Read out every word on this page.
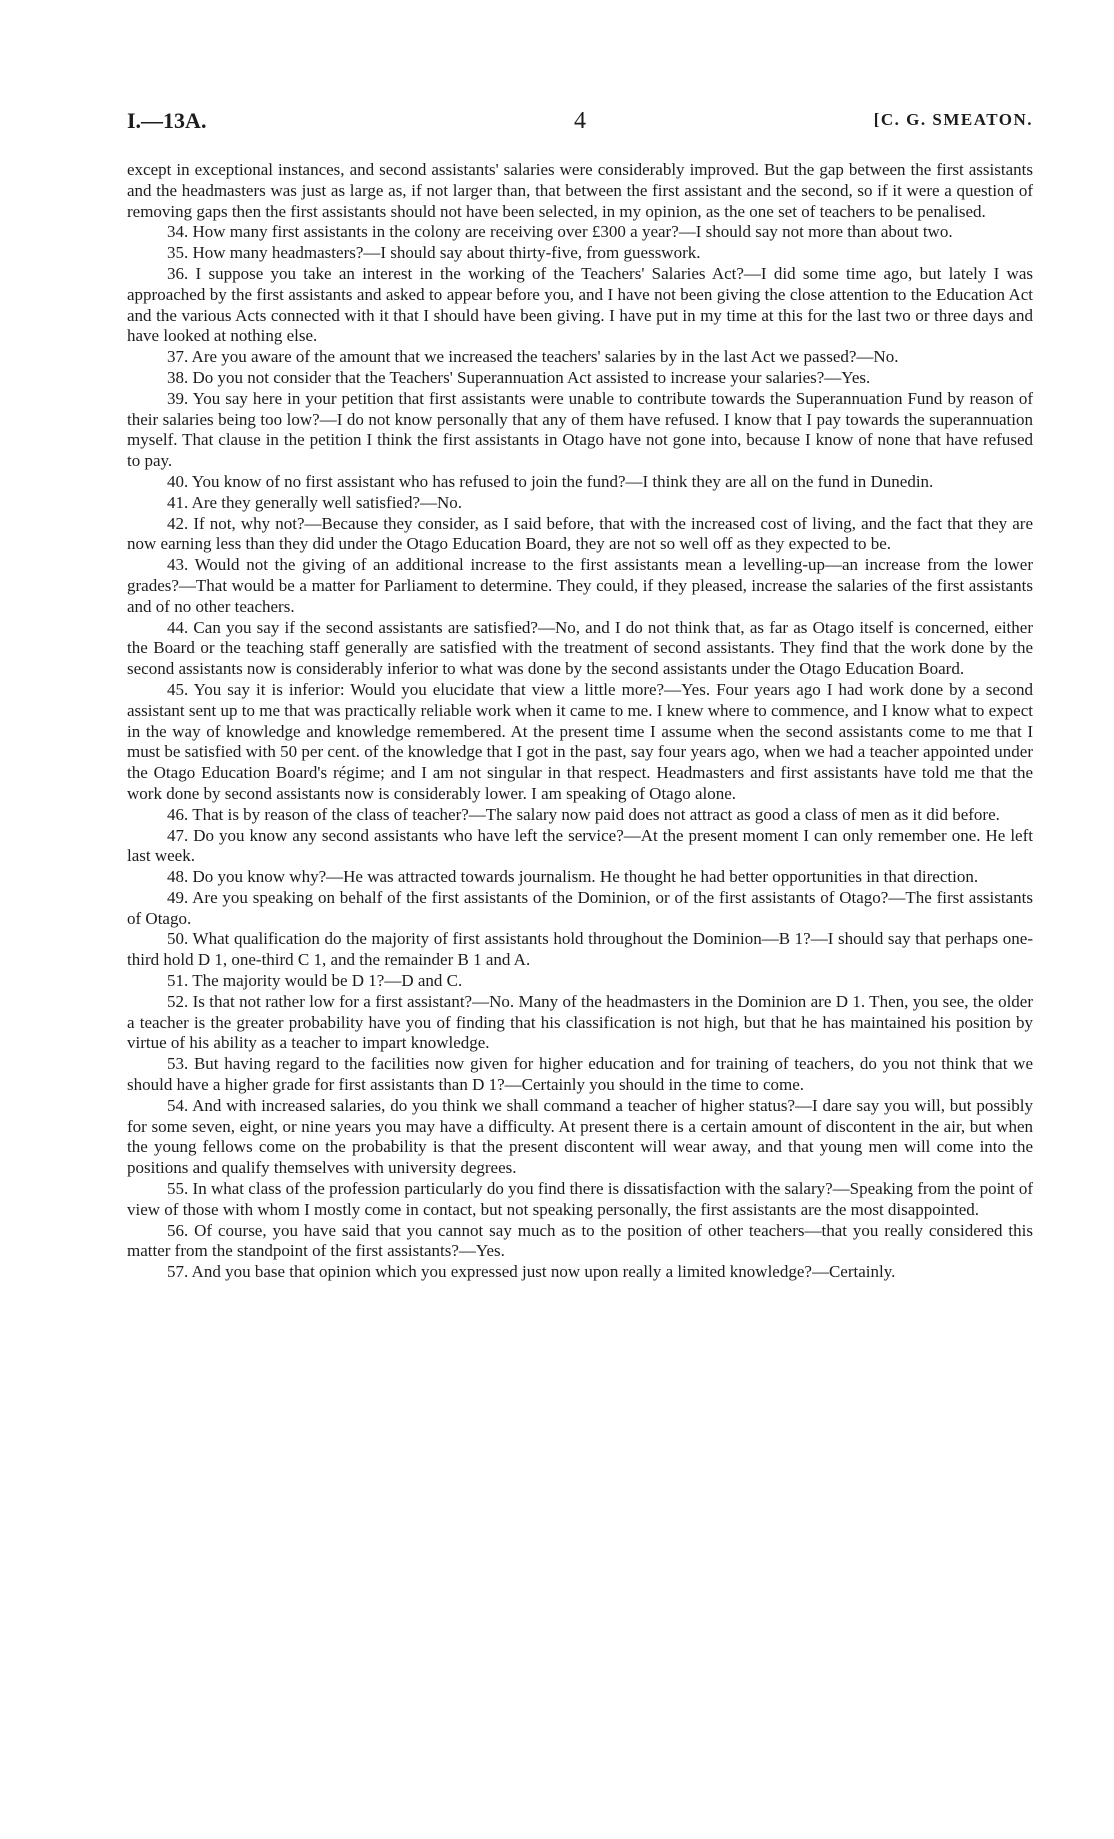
I.—13A.	4	[C. G. SMEATON.

except in exceptional instances, and second assistants' salaries were considerably improved. But the gap between the first assistants and the headmasters was just as large as, if not larger than, that between the first assistant and the second, so if it were a question of removing gaps then the first assistants should not have been selected, in my opinion, as the one set of teachers to be penalised.

34. How many first assistants in the colony are receiving over £300 a year?—I should say not more than about two.

35. How many headmasters?—I should say about thirty-five, from guesswork.

36. I suppose you take an interest in the working of the Teachers' Salaries Act?—I did some time ago, but lately I was approached by the first assistants and asked to appear before you, and I have not been giving the close attention to the Education Act and the various Acts connected with it that I should have been giving. I have put in my time at this for the last two or three days and have looked at nothing else.

37. Are you aware of the amount that we increased the teachers' salaries by in the last Act we passed?—No.

38. Do you not consider that the Teachers' Superannuation Act assisted to increase your salaries?—Yes.

39. You say here in your petition that first assistants were unable to contribute towards the Superannuation Fund by reason of their salaries being too low?—I do not know personally that any of them have refused. I know that I pay towards the superannuation myself. That clause in the petition I think the first assistants in Otago have not gone into, because I know of none that have refused to pay.

40. You know of no first assistant who has refused to join the fund?—I think they are all on the fund in Dunedin.

41. Are they generally well satisfied?—No.

42. If not, why not?—Because they consider, as I said before, that with the increased cost of living, and the fact that they are now earning less than they did under the Otago Education Board, they are not so well off as they expected to be.

43. Would not the giving of an additional increase to the first assistants mean a levelling-up—an increase from the lower grades?—That would be a matter for Parliament to determine. They could, if they pleased, increase the salaries of the first assistants and of no other teachers.

44. Can you say if the second assistants are satisfied?—No, and I do not think that, as far as Otago itself is concerned, either the Board or the teaching staff generally are satisfied with the treatment of second assistants. They find that the work done by the second assistants now is considerably inferior to what was done by the second assistants under the Otago Education Board.

45. You say it is inferior: Would you elucidate that view a little more?—Yes. Four years ago I had work done by a second assistant sent up to me that was practically reliable work when it came to me. I knew where to commence, and I know what to expect in the way of knowledge and knowledge remembered. At the present time I assume when the second assistants come to me that I must be satisfied with 50 per cent. of the knowledge that I got in the past, say four years ago, when we had a teacher appointed under the Otago Education Board's régime; and I am not singular in that respect. Headmasters and first assistants have told me that the work done by second assistants now is considerably lower. I am speaking of Otago alone.

46. That is by reason of the class of teacher?—The salary now paid does not attract as good a class of men as it did before.

47. Do you know any second assistants who have left the service?—At the present moment I can only remember one. He left last week.

48. Do you know why?—He was attracted towards journalism. He thought he had better opportunities in that direction.

49. Are you speaking on behalf of the first assistants of the Dominion, or of the first assistants of Otago?—The first assistants of Otago.

50. What qualification do the majority of first assistants hold throughout the Dominion—B 1?—I should say that perhaps one-third hold D 1, one-third C 1, and the remainder B 1 and A.

51. The majority would be D 1?—D and C.

52. Is that not rather low for a first assistant?—No. Many of the headmasters in the Dominion are D 1. Then, you see, the older a teacher is the greater probability have you of finding that his classification is not high, but that he has maintained his position by virtue of his ability as a teacher to impart knowledge.

53. But having regard to the facilities now given for higher education and for training of teachers, do you not think that we should have a higher grade for first assistants than D 1?—Certainly you should in the time to come.

54. And with increased salaries, do you think we shall command a teacher of higher status?—I dare say you will, but possibly for some seven, eight, or nine years you may have a difficulty. At present there is a certain amount of discontent in the air, but when the young fellows come on the probability is that the present discontent will wear away, and that young men will come into the positions and qualify themselves with university degrees.

55. In what class of the profession particularly do you find there is dissatisfaction with the salary?—Speaking from the point of view of those with whom I mostly come in contact, but not speaking personally, the first assistants are the most disappointed.

56. Of course, you have said that you cannot say much as to the position of other teachers—that you really considered this matter from the standpoint of the first assistants?—Yes.

57. And you base that opinion which you expressed just now upon really a limited knowledge?—Certainly.
